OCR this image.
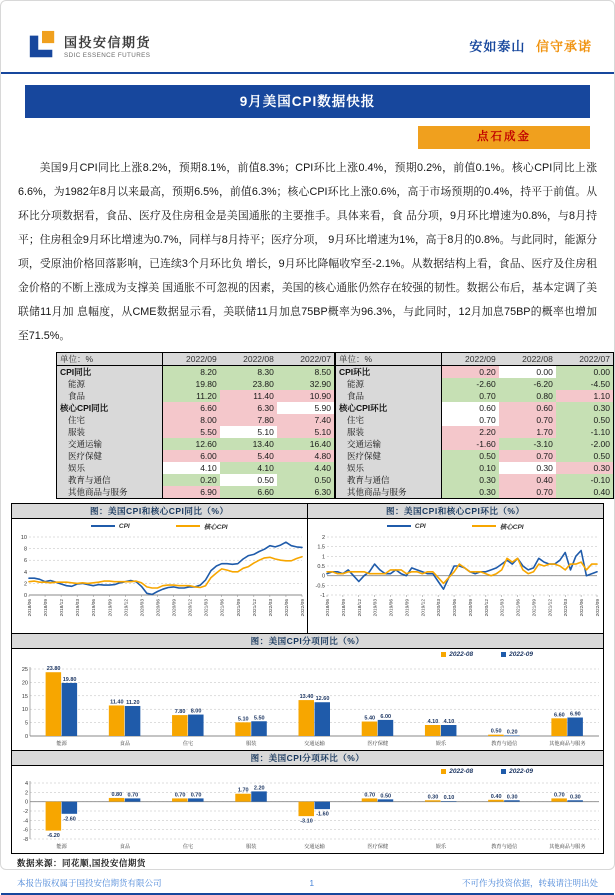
国投安信期货
SDIC ESSENCE FUTURES
安如泰山 信守承诺
9月美国CPI数据快报
点石成金

美国9月CPI同比上涨8.2%，预期8.1%，前值8.3%；CPI环比上涨0.4%，预期0.2%，前值0.1%。核心CPI同比上涨6.6%，为1982年8月以来最高，预期6.5%，前值6.3%；核心CPI环比上涨0.6%，高于市场预期的0.4%，持平于前值。从环比分项数据看，食品、医疗及住房租金是美国通胀的主要推手。具体来看，食 品分项，9月环比增速为0.8%，与8月持平；住房租金9月环比增速为0.7%，同样与8月持平；医疗分项， 9月环比增速为1%，高于8月的0.8%。与此同时，能源分项，受原油价格回落影响，已连续3个月环比负 增长，9月环比降幅收窄至-2.1%。从数据结构上看，食品、医疗及住房租金价格的不断上涨成为支撑美 国通胀不可忽视的因素，美国的核心通胀仍然存在较强的韧性。数据公布后，基本定调了美联储11月加 息幅度，从CME数据显示看，美联储11月加息75BP概率为96.3%，与此同时，12月加息75BP的概率也增加 至71.5%。

单位：%	2022/09	2022/08	2022/07
CPI同比	8.20	8.30	8.50
能源	19.80	23.80	32.90
食品	11.20	11.40	10.90
核心CPI同比	6.60	6.30	5.90
住宅	8.00	7.80	7.40
服装	5.50	5.10	5.10
交通运输	12.60	13.40	16.40
医疗保健	6.00	5.40	4.80
娱乐	4.10	4.10	4.40
教育与通信	0.20	0.50	0.50
其他商品与服务	6.90	6.60	6.30
单位：%	2022/09	2022/08	2022/07
CPI环比	0.20	0.00	0.00
能源	-2.60	-6.20	-4.50
食品	0.70	0.80	1.10
核心CPI环比	0.60	0.60	0.30
住宅	0.70	0.70	0.50
服装	2.20	1.70	-1.10
交通运输	-1.60	-3.10	-2.00
医疗保健	0.50	0.70	0.50
娱乐	0.10	0.30	0.30
教育与通信	0.30	0.40	-0.10
其他商品与服务	0.30	0.70	0.40
图：美国CPI和核心CPI同比（%）
CPI	核心CPI
0
2
4
6
8
10
2018/06 2018/09 2018/12 2019/03 2019/06 2019/09 2019/12 2020/03 2020/06 2020/09 2020/12 2021/03 2021/06 2021/09 2021/12 2022/03 2022/06 2022/09
图：美国CPI和核心CPI环比（%）
CPI	核心CPI
-1
-0.5
0
0.5
1
1.5
2
2018/06 2018/09 2018/12 2019/03 2019/06 2019/09 2019/12 2020/03 2020/06 2020/09 2020/12 2021/03 2021/06 2021/09 2021/12 2022/03 2022/06 2022/09
图：美国CPI分项同比（%）
2022-08	2022-09
0
5
10
15
20
25
能源
23.80
19.80
食品
11.40 11.20
住宅
7.80 8.00
服装
5.10 5.50
交通运输
13.40 12.60
医疗保健
5.40 6.00
娱乐
4.10 4.10
教育与通信
0.50 0.20
其他商品与服务
6.60 6.90
图：美国CPI分项环比（%）
2022-08	2022-09
-8
-6
-4
-2
0
2
4
能源
-6.20
-2.60
食品
0.80 0.70
住宅
0.70 0.70
服装
1.70 2.20
交通运输
-3.10
-1.60
医疗保健
0.70 0.50
娱乐
0.30 0.10
教育与通信
0.40 0.30
其他商品与服务
0.70 0.30
数据来源：同花顺,国投安信期货
本报告版权属于国投安信期货有限公司	1	不可作为投资依据，转载请注明出处
